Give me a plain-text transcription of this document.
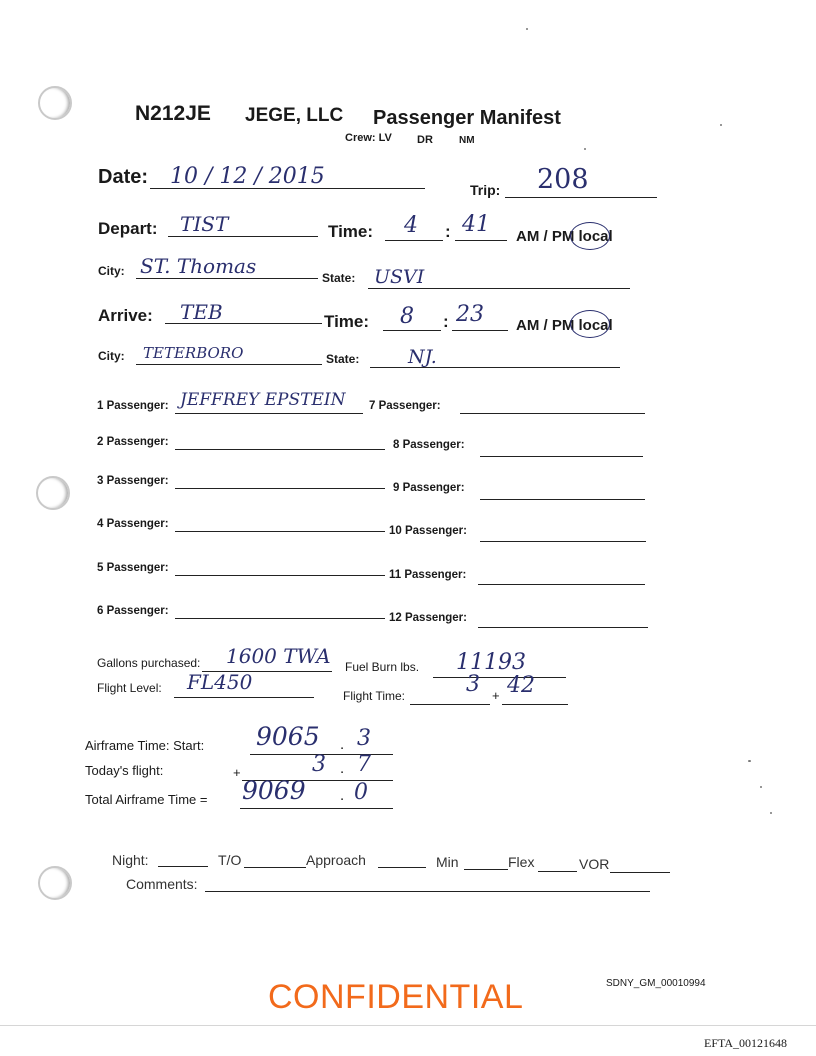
N212JE JEGE, LLC Passenger Manifest
Crew: LV DR	NM
Date: 10 / 12 / 2015
Trip: 208
Depart: TIST	Time: 4 : 41 AM / PM local
City: ST. Thomas	State: USVI
Arrive: TEB	Time: 8 : 23 AM / PM local
City: TETERBORO	State:	NJ.
1 Passenger: JEFFREY EPSTEIN
2 Passenger:
3 Passenger:
4 Passenger:
5 Passenger:
6 Passenger:
7 Passenger:
8 Passenger:
9 Passenger:
10 Passenger:
11 Passenger:
12 Passenger:
Gallons purchased: 1600 TWA Fuel Burn lbs. 11193
Flight Level: FL450
Flight Time:	3 + 42
Airframe Time: Start: 9065 . 3
Today's flight:	+	3 . 7
Total Airframe Time = 9069 . 0
Night:	T/O	Approach	Min	Flex	VOR
Comments:
SDNY_GM_00010994
CONFIDENTIAL
EFTA_00121648
